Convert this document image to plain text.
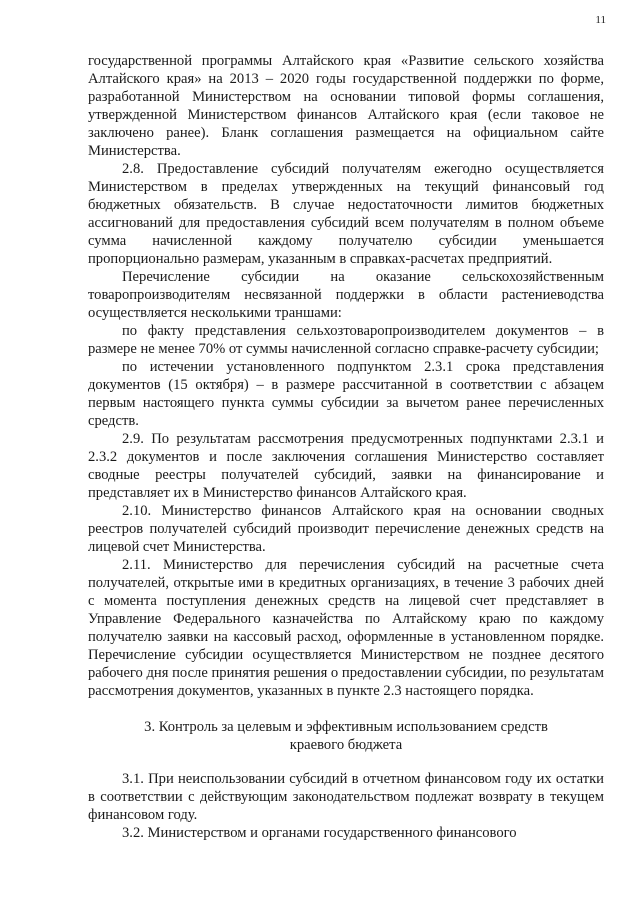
11

государственной программы Алтайского края «Развитие сельского хозяйства Алтайского края» на 2013 – 2020 годы государственной поддержки по форме, разработанной Министерством на основании типовой формы соглашения, утвержденной Министерством финансов Алтайского края (если таковое не заключено ранее). Бланк соглашения размещается на официальном сайте Министерства.

2.8. Предоставление субсидий получателям ежегодно осуществляется Министерством в пределах утвержденных на текущий финансовый год бюджетных обязательств. В случае недостаточности лимитов бюджетных ассигнований для предоставления субсидий всем получателям в полном объеме сумма начисленной каждому получателю субсидии уменьшается пропорционально размерам, указанным в справках-расчетах предприятий.

Перечисление субсидии на оказание сельскохозяйственным товаропроизводителям несвязанной поддержки в области растениеводства осуществляется несколькими траншами:

по факту представления сельхозтоваропроизводителем документов – в размере не менее 70% от суммы начисленной согласно справке-расчету субсидии;

по истечении установленного подпунктом 2.3.1 срока представления документов (15 октября) – в размере рассчитанной в соответствии с абзацем первым настоящего пункта суммы субсидии за вычетом ранее перечисленных средств.

2.9. По результатам рассмотрения предусмотренных подпунктами 2.3.1 и 2.3.2 документов и после заключения соглашения Министерство составляет сводные реестры получателей субсидий, заявки на финансирование и представляет их в Министерство финансов Алтайского края.

2.10. Министерство финансов Алтайского края на основании сводных реестров получателей субсидий производит перечисление денежных средств на лицевой счет Министерства.

2.11. Министерство для перечисления субсидий на расчетные счета получателей, открытые ими в кредитных организациях, в течение 3 рабочих дней с момента поступления денежных средств на лицевой счет представляет в Управление Федерального казначейства по Алтайскому краю по каждому получателю заявки на кассовый расход, оформленные в установленном порядке. Перечисление субсидии осуществляется Министерством не позднее десятого рабочего дня после принятия решения о предоставлении субсидии, по результатам рассмотрения документов, указанных в пункте 2.3 настоящего порядка.

3. Контроль за целевым и эффективным использованием средств
краевого бюджета

3.1. При неиспользовании субсидий в отчетном финансовом году их остатки в соответствии с действующим законодательством подлежат возврату в текущем финансовом году.

3.2. Министерством и органами государственного финансового
